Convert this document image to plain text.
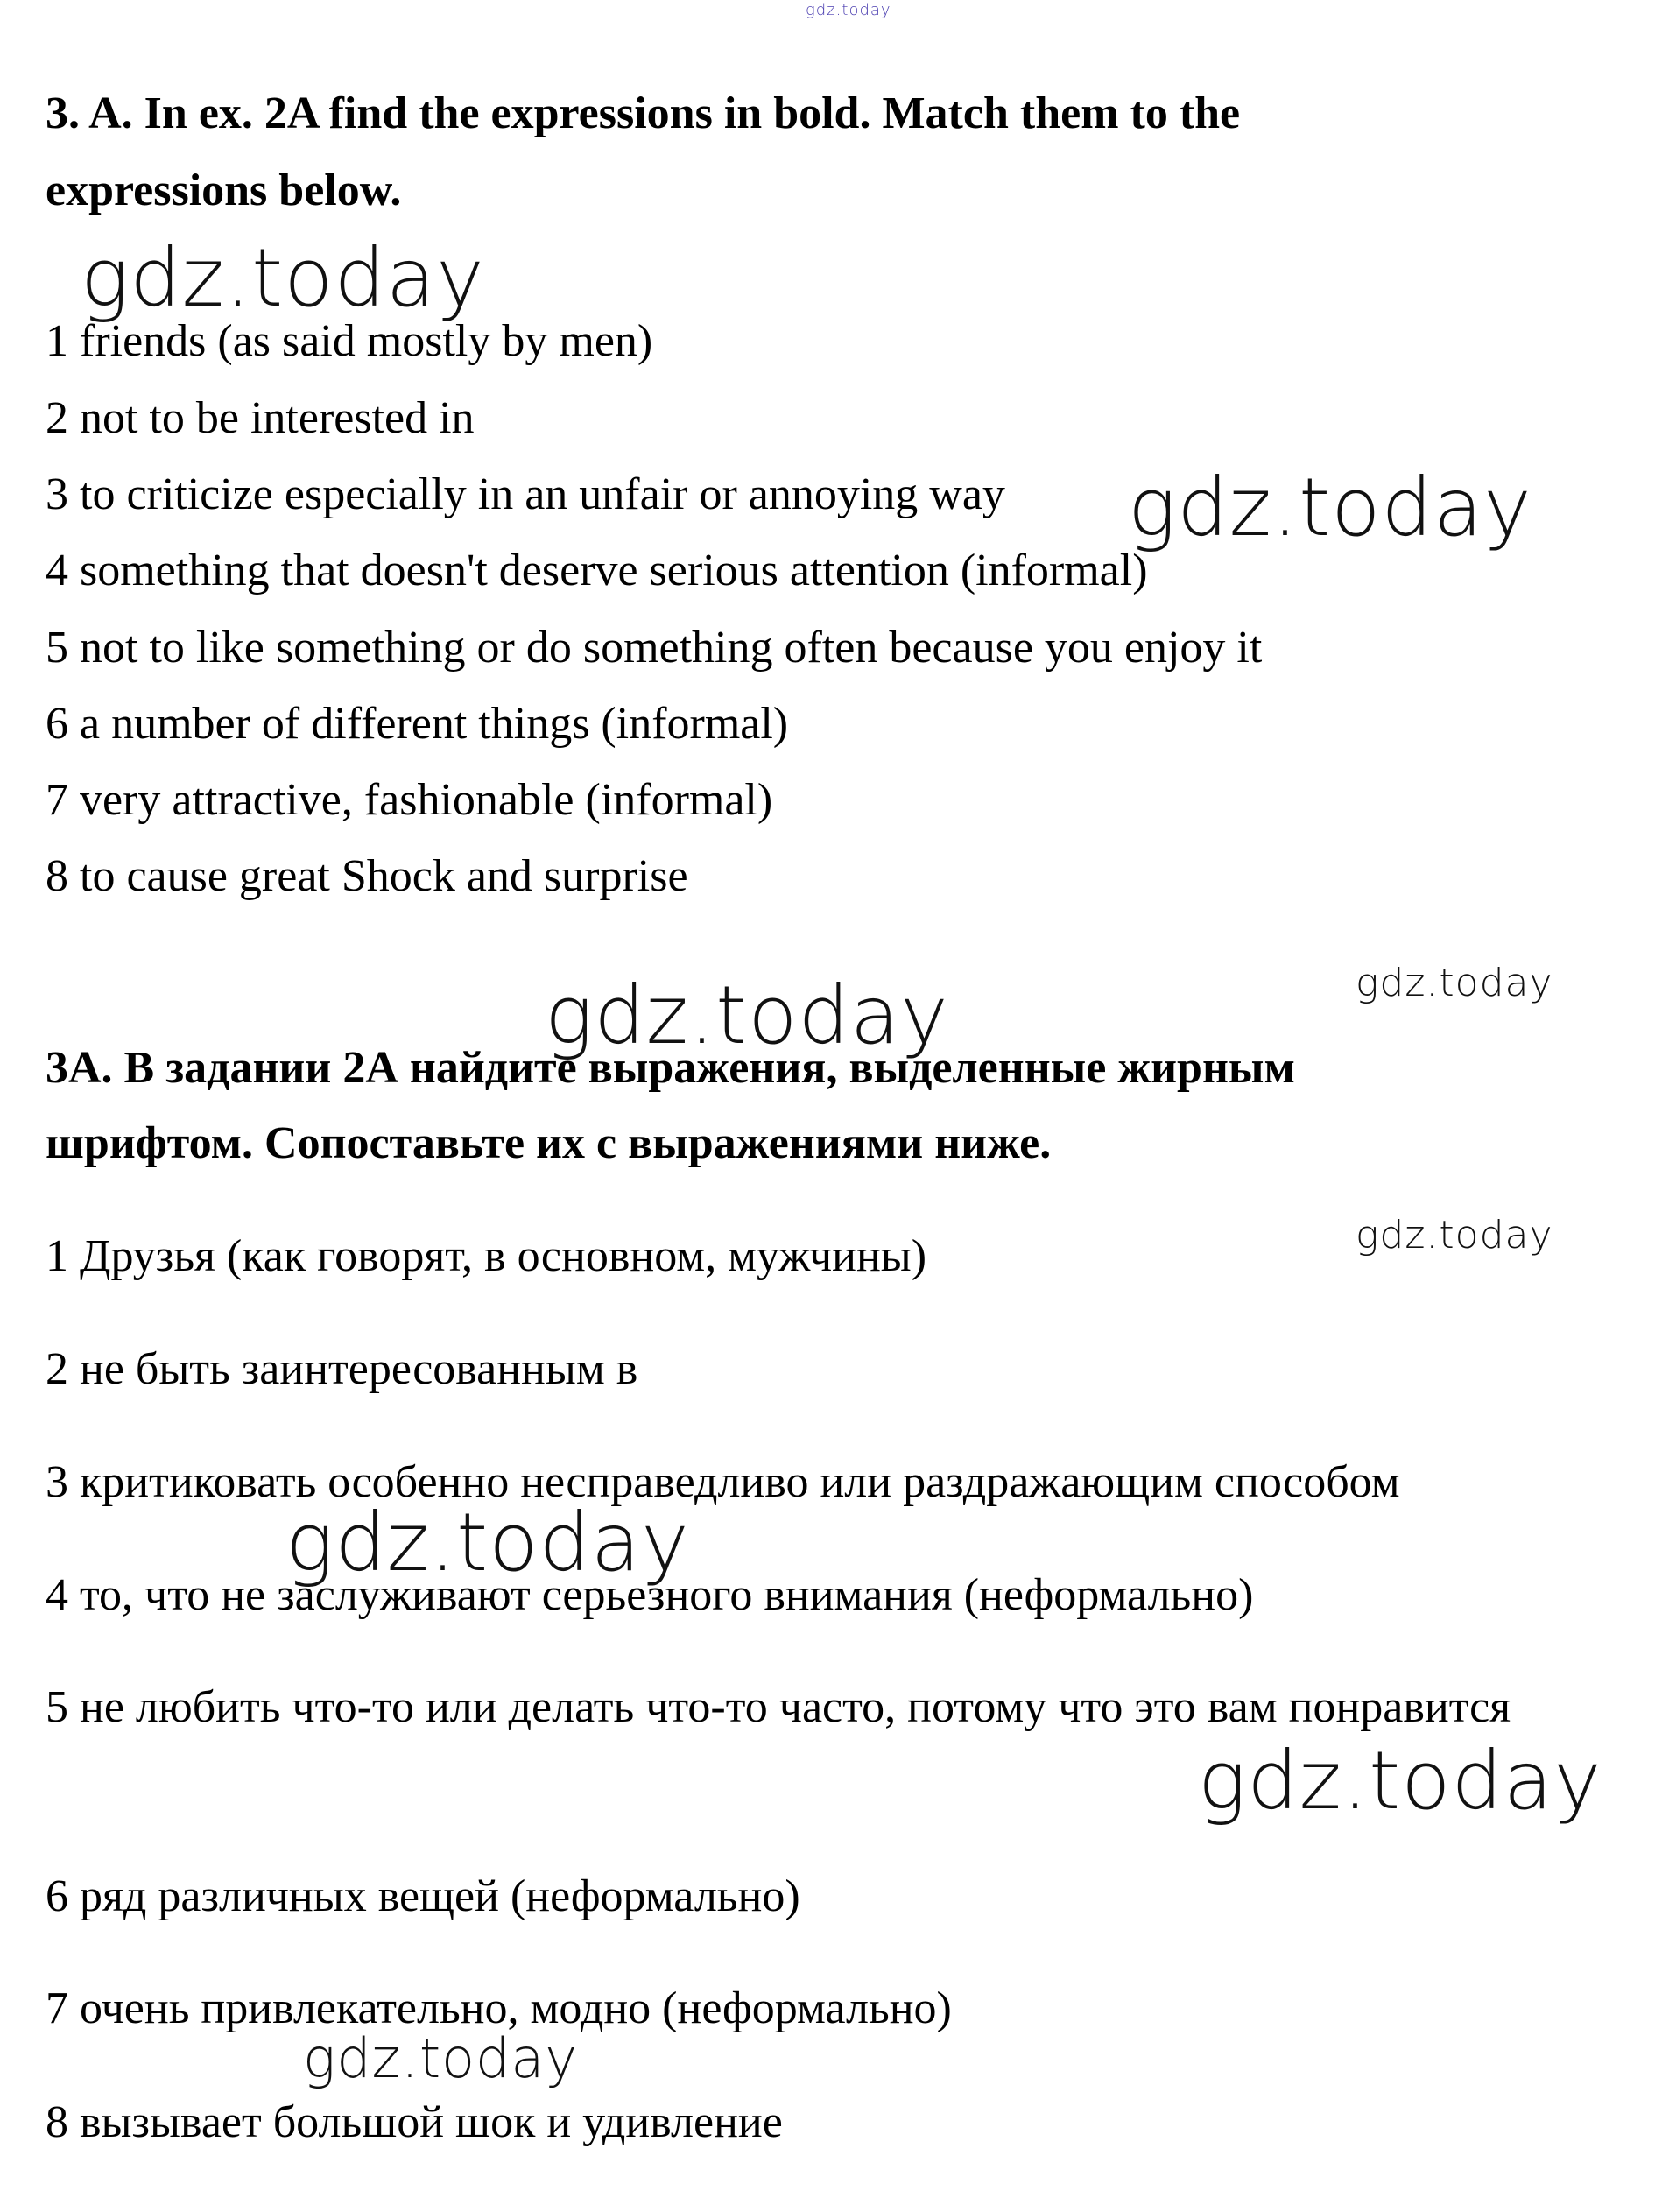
gdz.today
3. A. In ex. 2A find the expressions in bold. Match them to the
expressions below.
gdz.today
1 friends (as said mostly by men)
2 not to be interested in
3 to criticize especially in an unfair or annoying way gdz.today
4 something that doesn't deserve serious attention (informal)
5 not to like something or do something often because you enjoy it
6 a number of different things (informal)
7 very attractive, fashionable (informal)
8 to cause great Shock and surprise
gdz.today
gdz.today
3А. В задании 2А найдите выражения, выделенные жирным
шрифтом. Сопоставьте их с выражениями ниже.
gdz.today
1 Друзья (как говорят, в основном, мужчины)
2 не быть заинтересованным в
3 критиковать особенно несправедливо или раздражающим способом
gdz.today
4 то, что не заслуживают серьезного внимания (неформально)
5 не любить что-то или делать что-то часто, потому что это вам понравится
gdz.today
6 ряд различных вещей (неформально)
7 очень привлекательно, модно (неформально)
gdz.today
8 вызывает большой шок и удивление
